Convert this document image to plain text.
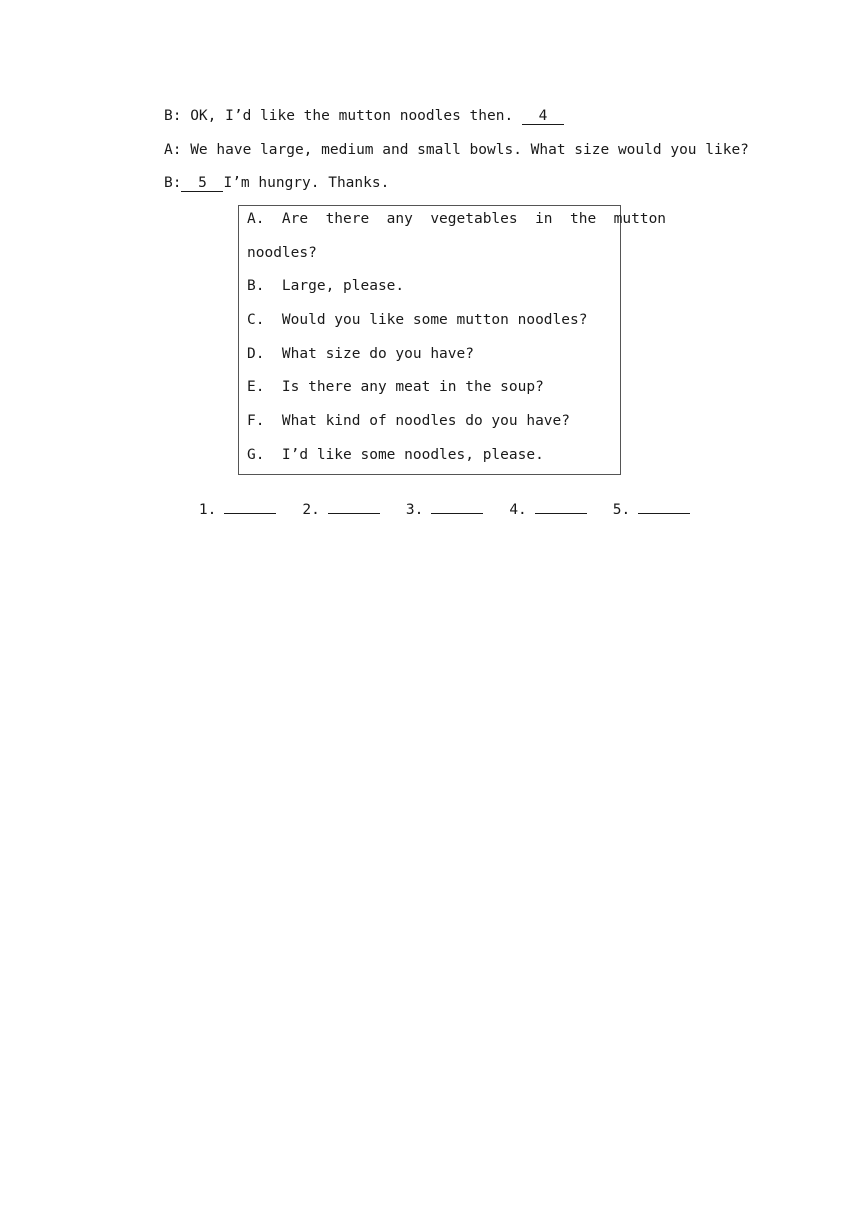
B: OK, I’d like the mutton noodles then. 4
A: We have large, medium and small bowls. What size would you like?
B: 5 I’m hungry. Thanks.
A.  Are  there  any  vegetables  in  the  mutton
noodles?
B.  Large, please.
C.  Would you like some mutton noodles?
D.  What size do you have?
E.  Is there any meat in the soup?
F.  What kind of noodles do you have?
G.  I’d like some noodles, please.

1.	2.	3.	4.	5.
